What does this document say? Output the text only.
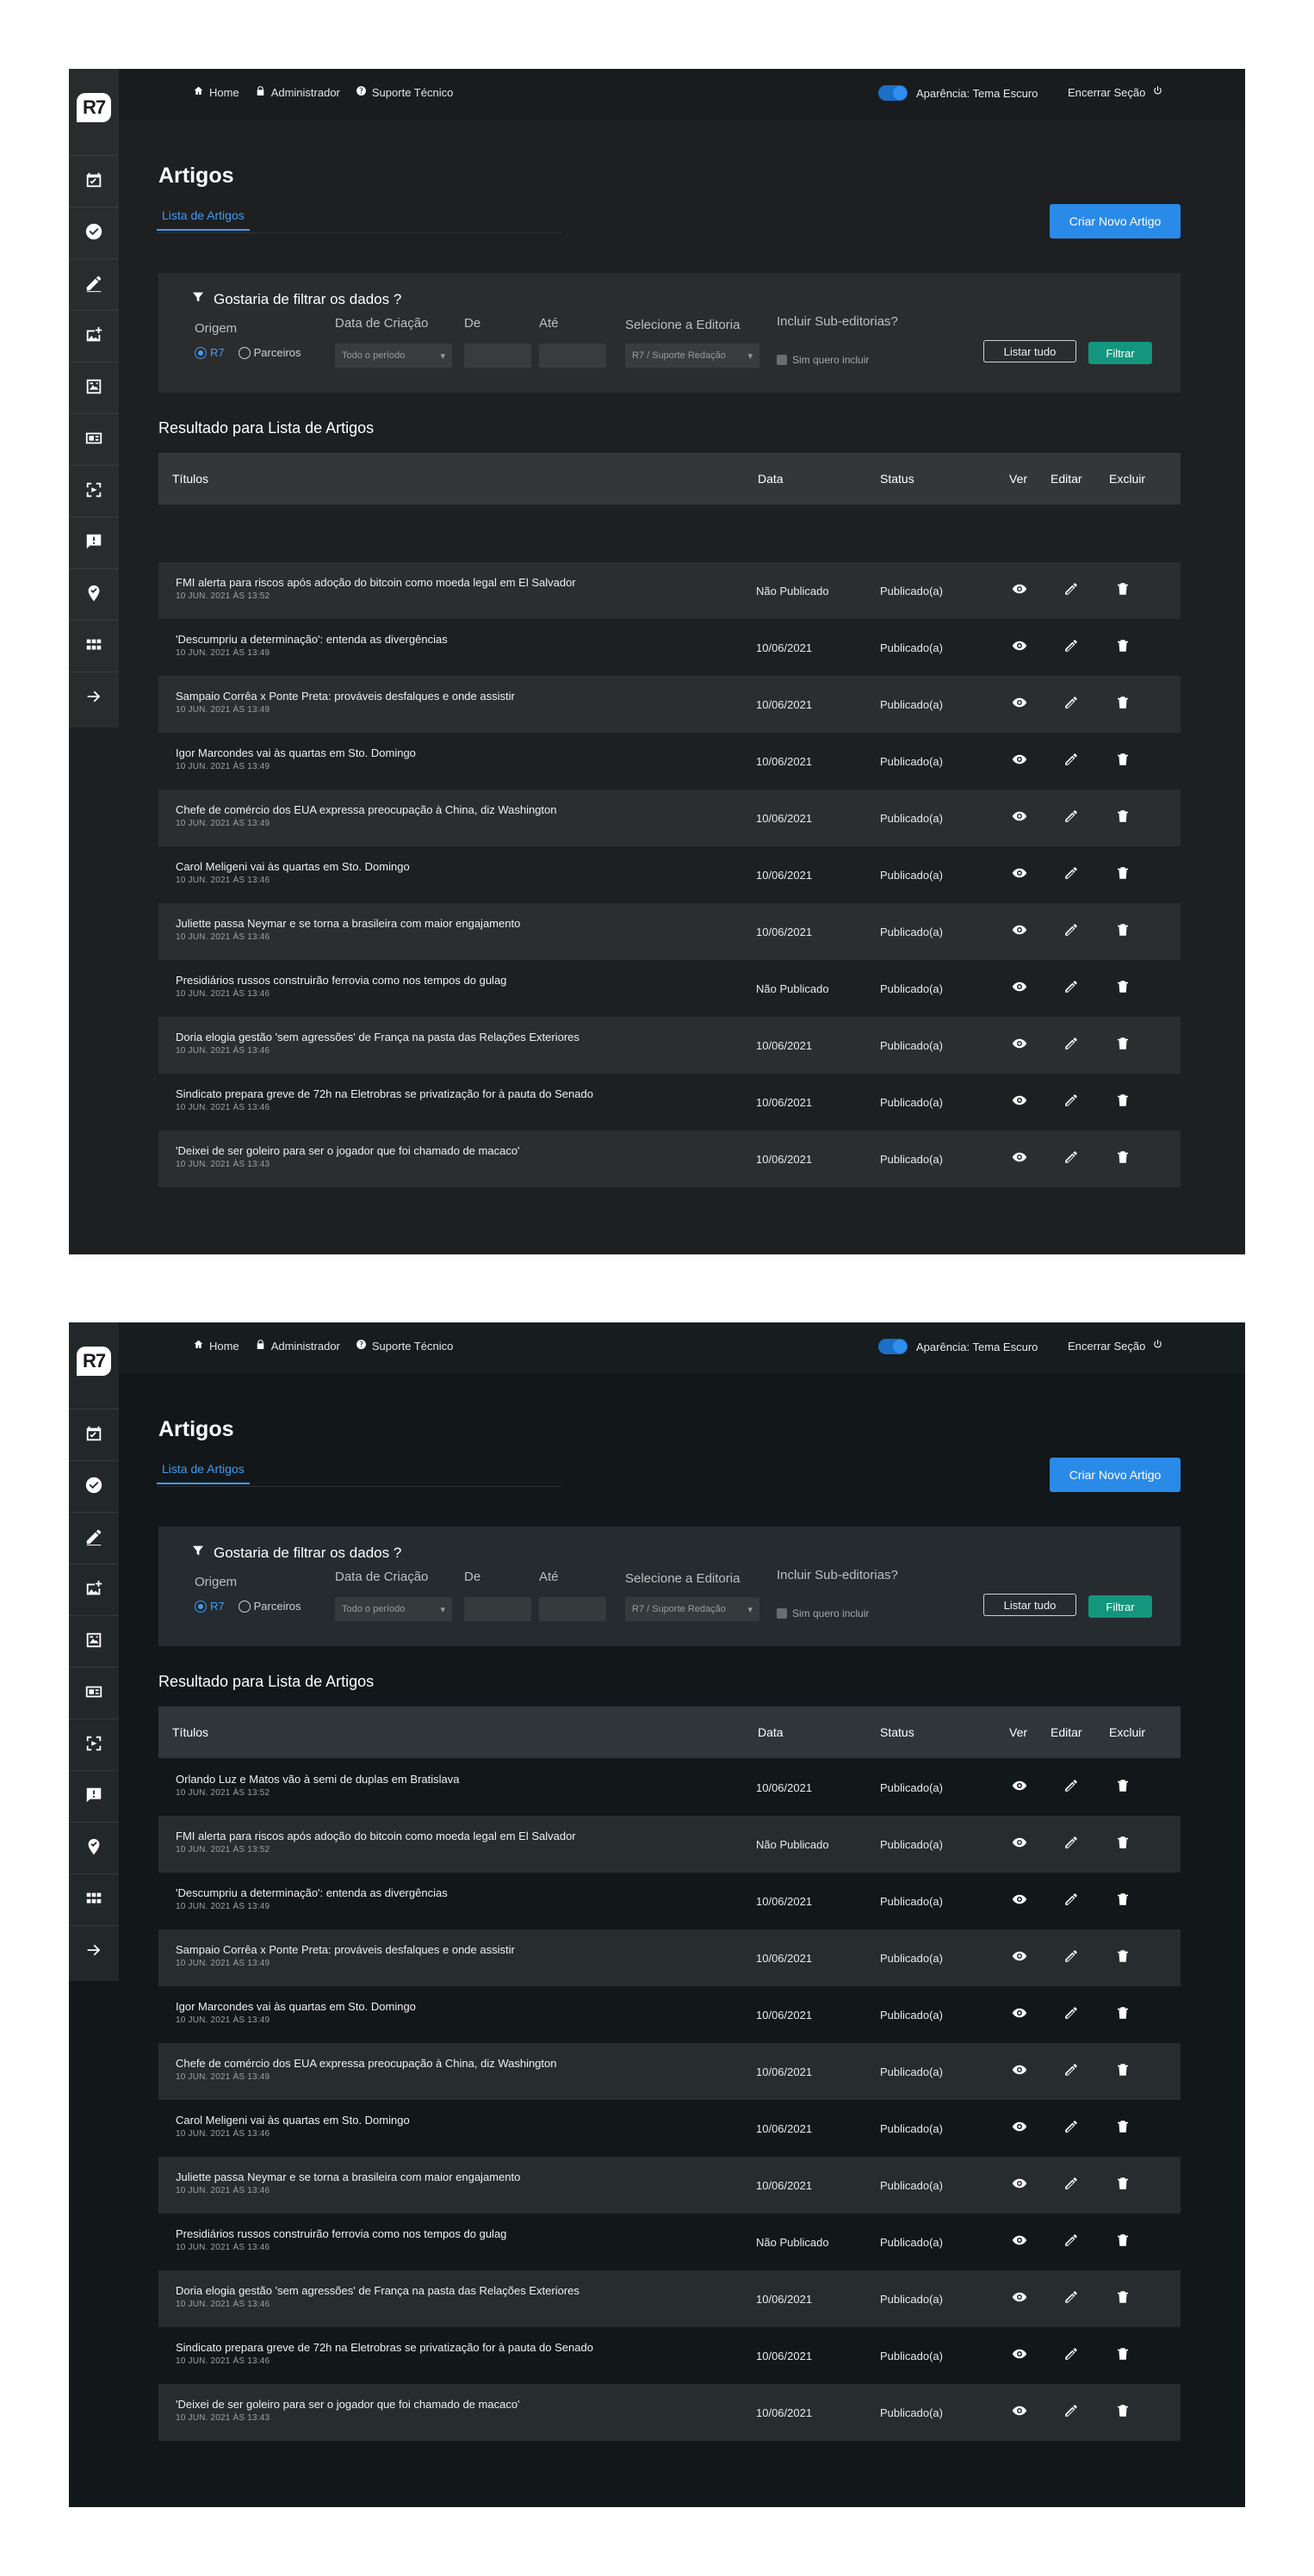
R7
Home	Administrador	Suporte Técnico	Aparência: Tema Escuro	Encerrar Seção
Artigos
Lista de Artigos	Criar Novo Artigo
Gostaria de filtrar os dados ?
Origem
R7	Parceiros
Data de Criação
Todo o período	▾
De	Até	Selecione a Editoria
R7 / Suporte Redação ▾
Incluir Sub-editorias?
Sim quero incluir
Listar tudo	Filtrar
Resultado para Lista de Artigos
Títulos	Data	Status	Ver Editar Excluir
FMI alerta para riscos após adoção do bitcoin como moeda legal em El Salvador
10 JUN. 2021 ÀS 13:52	Não Publicado	Publicado(a)
'Descumpriu a determinação': entenda as divergências
10 JUN. 2021 ÀS 13:49	10/06/2021	Publicado(a)
Sampaio Corrêa x Ponte Preta: prováveis desfalques e onde assistir
10 JUN. 2021 ÀS 13:49	10/06/2021	Publicado(a)
Igor Marcondes vai às quartas em Sto. Domingo
10 JUN. 2021 ÀS 13:49	10/06/2021	Publicado(a)
Chefe de comércio dos EUA expressa preocupação à China, diz Washington
10 JUN. 2021 ÀS 13:49	10/06/2021	Publicado(a)
Carol Meligeni vai às quartas em Sto. Domingo
10 JUN. 2021 ÀS 13:46	10/06/2021	Publicado(a)
Juliette passa Neymar e se torna a brasileira com maior engajamento
10 JUN. 2021 ÀS 13:46	10/06/2021	Publicado(a)
Presidiários russos construirão ferrovia como nos tempos do gulag
10 JUN. 2021 ÀS 13:46	Não Publicado	Publicado(a)
Doria elogia gestão 'sem agressões' de França na pasta das Relações Exteriores
10 JUN. 2021 ÀS 13:46	10/06/2021	Publicado(a)
Sindicato prepara greve de 72h na Eletrobras se privatização for à pauta do Senado
10 JUN. 2021 ÀS 13:46	10/06/2021	Publicado(a)
'Deixei de ser goleiro para ser o jogador que foi chamado de macaco'
10 JUN. 2021 ÀS 13:43	10/06/2021	Publicado(a)
R7
Home	Administrador	Suporte Técnico	Aparência: Tema Escuro	Encerrar Seção
Artigos
Lista de Artigos	Criar Novo Artigo
Gostaria de filtrar os dados ?
Origem
R7	Parceiros
Data de Criação
Todo o período	▾
De	Até	Selecione a Editoria
R7 / Suporte Redação ▾
Incluir Sub-editorias?
Sim quero incluir
Listar tudo	Filtrar
Resultado para Lista de Artigos
Títulos	Data	Status	Ver Editar Excluir
Orlando Luz e Matos vão à semi de duplas em Bratislava
10 JUN. 2021 ÀS 13:52	10/06/2021	Publicado(a)
FMI alerta para riscos após adoção do bitcoin como moeda legal em El Salvador
10 JUN. 2021 ÀS 13:52	Não Publicado	Publicado(a)
'Descumpriu a determinação': entenda as divergências
10 JUN. 2021 ÀS 13:49	10/06/2021	Publicado(a)
Sampaio Corrêa x Ponte Preta: prováveis desfalques e onde assistir
10 JUN. 2021 ÀS 13:49	10/06/2021	Publicado(a)
Igor Marcondes vai às quartas em Sto. Domingo
10 JUN. 2021 ÀS 13:49	10/06/2021	Publicado(a)
Chefe de comércio dos EUA expressa preocupação à China, diz Washington
10 JUN. 2021 ÀS 13:49	10/06/2021	Publicado(a)
Carol Meligeni vai às quartas em Sto. Domingo
10 JUN. 2021 ÀS 13:46	10/06/2021	Publicado(a)
Juliette passa Neymar e se torna a brasileira com maior engajamento
10 JUN. 2021 ÀS 13:46	10/06/2021	Publicado(a)
Presidiários russos construirão ferrovia como nos tempos do gulag
10 JUN. 2021 ÀS 13:46	Não Publicado	Publicado(a)
Doria elogia gestão 'sem agressões' de França na pasta das Relações Exteriores
10 JUN. 2021 ÀS 13:46	10/06/2021	Publicado(a)
Sindicato prepara greve de 72h na Eletrobras se privatização for à pauta do Senado
10 JUN. 2021 ÀS 13:46	10/06/2021	Publicado(a)
'Deixei de ser goleiro para ser o jogador que foi chamado de macaco'
10 JUN. 2021 ÀS 13:43	10/06/2021	Publicado(a)
